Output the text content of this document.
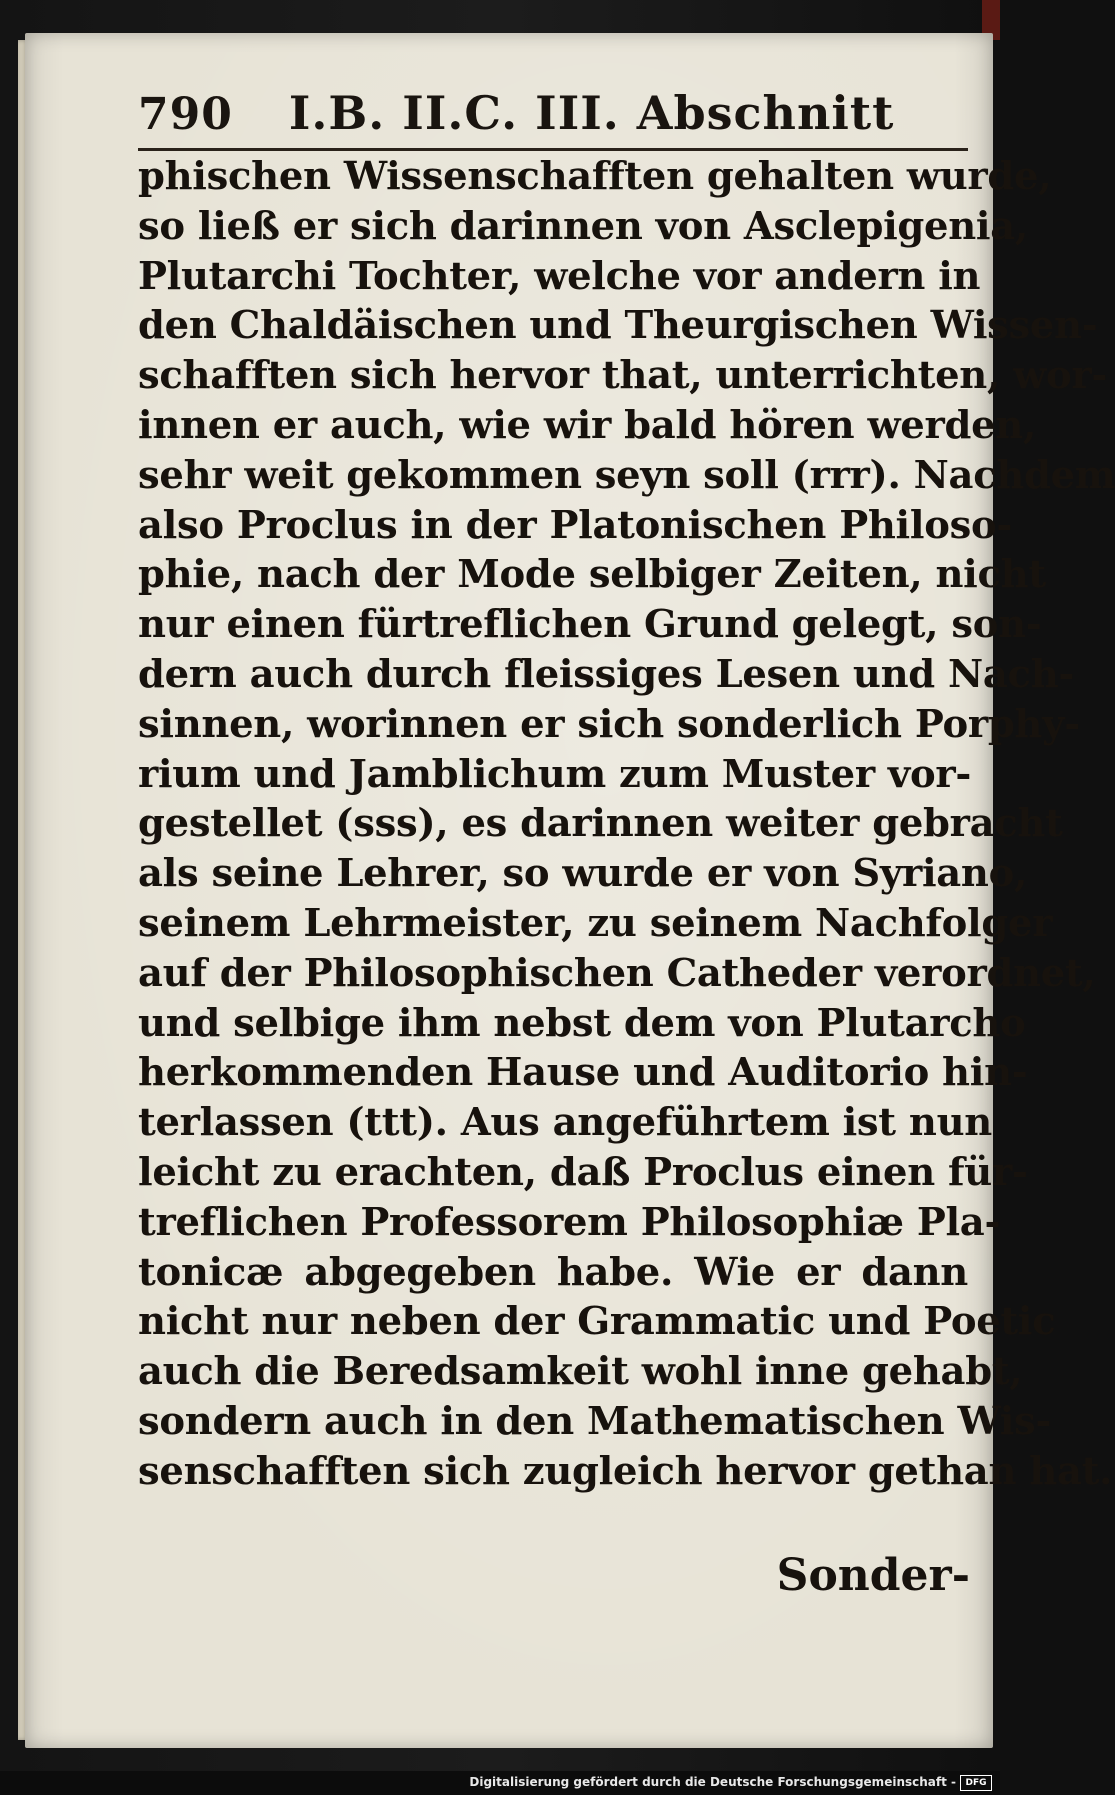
790 I.B. II.C. III. Abschnitt
phischen Wissenschafften gehalten wurde,
so ließ er sich darinnen von Asclepigenia,
Plutarchi Tochter, welche vor andern in
den Chaldäischen und Theurgischen Wissen-
schafften sich hervor that, unterrichten, wor-
innen er auch, wie wir bald hören werden,
sehr weit gekommen seyn soll (rrr). Nachdem
also Proclus in der Platonischen Philoso-
phie, nach der Mode selbiger Zeiten, nicht
nur einen fürtreflichen Grund gelegt, son-
dern auch durch fleissiges Lesen und Nach-
sinnen, worinnen er sich sonderlich Porphy-
rium und Jamblichum zum Muster vor-
gestellet (sss), es darinnen weiter gebracht
als seine Lehrer, so wurde er von Syriano,
seinem Lehrmeister, zu seinem Nachfolger
auf der Philosophischen Catheder verordnet,
und selbige ihm nebst dem von Plutarcho
herkommenden Hause und Auditorio hin-
terlassen (ttt). Aus angeführtem ist nun
leicht zu erachten, daß Proclus einen für-
treflichen Professorem Philosophiæ Pla-
tonicæ abgegeben habe. Wie er dann
nicht nur neben der Grammatic und Poetic
auch die Beredsamkeit wohl inne gehabt,
sondern auch in den Mathematischen Wis-
senschafften sich zugleich hervor gethan hat.
Sonder-
Digitalisierung gefördert durch die Deutsche Forschungsgemeinschaft -	DFG
